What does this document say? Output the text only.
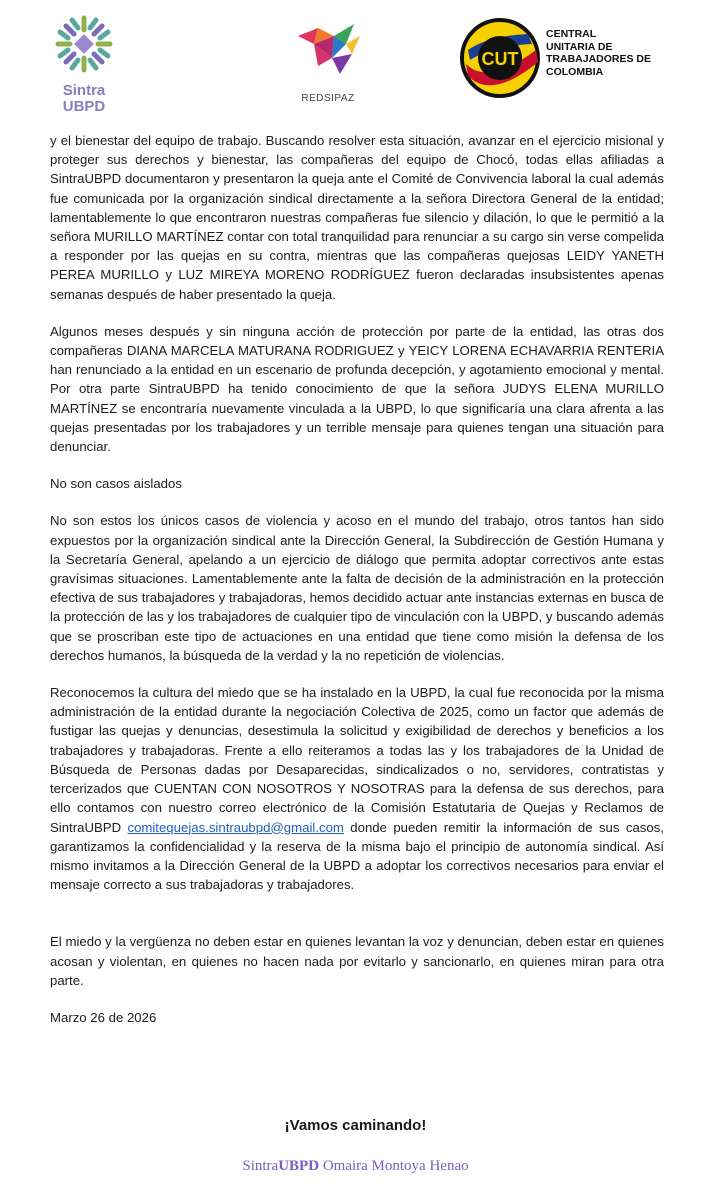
Sintra
UBPD	REDSIPAZ
CUT
CENTRAL
UNITARIA DE
TRABAJADORES DE
COLOMBIA

y el bienestar del equipo de trabajo. Buscando resolver esta situación, avanzar en el ejercicio misional y proteger sus derechos y bienestar, las compañeras del equipo de Chocó, todas ellas afiliadas a SintraUBPD documentaron y presentaron la queja ante el Comité de Convivencia laboral la cual además fue comunicada por la organización sindical directamente a la señora Directora General de la entidad; lamentablemente lo que encontraron nuestras compañeras fue silencio y dilación, lo que le permitió a la señora MURILLO MARTÍNEZ contar con total tranquilidad para renunciar a su cargo sin verse compelida a responder por las quejas en su contra, mientras que las compañeras quejosas LEIDY YANETH PEREA MURILLO y LUZ MIREYA MORENO RODRÍGUEZ fueron declaradas insubsistentes apenas semanas después de haber presentado la queja.

Algunos meses después y sin ninguna acción de protección por parte de la entidad, las otras dos compañeras DIANA MARCELA MATURANA RODRIGUEZ y YEICY LORENA ECHAVARRIA RENTERIA han renunciado a la entidad en un escenario de profunda decepción, y agotamiento emocional y mental. Por otra parte SintraUBPD ha tenido conocimiento de que la señora JUDYS ELENA MURILLO MARTÍNEZ se encontraría nuevamente vinculada a la UBPD, lo que significaría una clara afrenta a las quejas presentadas por los trabajadores y un terrible mensaje para quienes tengan una situación para denunciar.

No son casos aislados

No son estos los únicos casos de violencia y acoso en el mundo del trabajo, otros tantos han sido expuestos por la organización sindical ante la Dirección General, la Subdirección de Gestión Humana y la Secretaría General, apelando a un ejercicio de diálogo que permita adoptar correctivos ante estas gravísimas situaciones. Lamentablemente ante la falta de decisión de la administración en la protección efectiva de sus trabajadores y trabajadoras, hemos decidido actuar ante instancias externas en busca de la protección de las y los trabajadores de cualquier tipo de vinculación con la UBPD, y buscando además que se proscriban este tipo de actuaciones en una entidad que tiene como misión la defensa de los derechos humanos, la búsqueda de la verdad y la no repetición de violencias.

Reconocemos la cultura del miedo que se ha instalado en la UBPD, la cual fue reconocida por la misma administración de la entidad durante la negociación Colectiva de 2025, como un factor que además de fustigar las quejas y denuncias, desestimula la solicitud y exigibilidad de derechos y beneficios a los trabajadores y trabajadoras. Frente a ello reiteramos a todas las y los trabajadores de la Unidad de Búsqueda de Personas dadas por Desaparecidas, sindicalizados o no, servidores, contratistas y tercerizados que CUENTAN CON NOSOTROS Y NOSOTRAS para la defensa de sus derechos, para ello contamos con nuestro correo electrónico de la Comisión Estatutaria de Quejas y Reclamos de SintraUBPD comitequejas.sintraubpd@gmail.com donde pueden remitir la información de sus casos, garantizamos la confidencialidad y la reserva de la misma bajo el principio de autonomía sindical. Así mismo invitamos a la Dirección General de la UBPD a adoptar los correctivos necesarios para enviar el mensaje correcto a sus trabajadoras y trabajadores.

El miedo y la vergüenza no deben estar en quienes levantan la voz y denuncian, deben estar en quienes acosan y violentan, en quienes no hacen nada por evitarlo y sancionarlo, en quienes miran para otra parte.

Marzo 26 de 2026

¡Vamos caminando!
SintraUBPD Omaira Montoya Henao
